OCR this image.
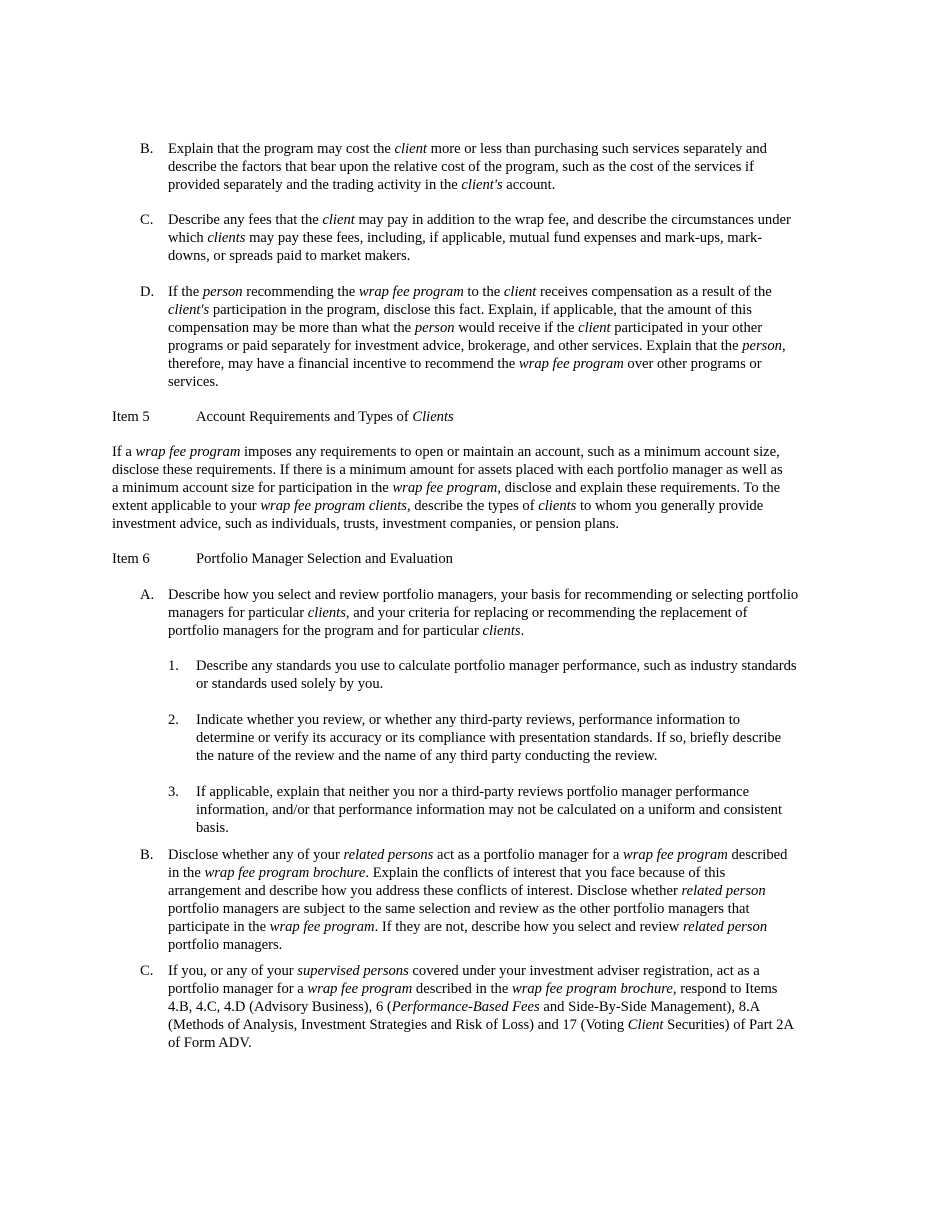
B. Explain that the program may cost the client more or less than purchasing such services separately and
describe the factors that bear upon the relative cost of the program, such as the cost of the services if
provided separately and the trading activity in the client's account.
C. Describe any fees that the client may pay in addition to the wrap fee, and describe the circumstances under
which clients may pay these fees, including, if applicable, mutual fund expenses and mark-ups, mark-
downs, or spreads paid to market makers.
D. If the person recommending the wrap fee program to the client receives compensation as a result of the
client's participation in the program, disclose this fact. Explain, if applicable, that the amount of this
compensation may be more than what the person would receive if the client participated in your other
programs or paid separately for investment advice, brokerage, and other services. Explain that the person,
therefore, may have a financial incentive to recommend the wrap fee program over other programs or
services.
Item 5	Account Requirements and Types of Clients
If a wrap fee program imposes any requirements to open or maintain an account, such as a minimum account size,
disclose these requirements. If there is a minimum amount for assets placed with each portfolio manager as well as
a minimum account size for participation in the wrap fee program, disclose and explain these requirements. To the
extent applicable to your wrap fee program clients, describe the types of clients to whom you generally provide
investment advice, such as individuals, trusts, investment companies, or pension plans.
Item 6	Portfolio Manager Selection and Evaluation
A. Describe how you select and review portfolio managers, your basis for recommending or selecting portfolio
managers for particular clients, and your criteria for replacing or recommending the replacement of
portfolio managers for the program and for particular clients.
1. Describe any standards you use to calculate portfolio manager performance, such as industry standards
or standards used solely by you.
2. Indicate whether you review, or whether any third-party reviews, performance information to
determine or verify its accuracy or its compliance with presentation standards. If so, briefly describe
the nature of the review and the name of any third party conducting the review.
3. If applicable, explain that neither you nor a third-party reviews portfolio manager performance
information, and/or that performance information may not be calculated on a uniform and consistent
basis.
B. Disclose whether any of your related persons act as a portfolio manager for a wrap fee program described
in the wrap fee program brochure. Explain the conflicts of interest that you face because of this
arrangement and describe how you address these conflicts of interest. Disclose whether related person
portfolio managers are subject to the same selection and review as the other portfolio managers that
participate in the wrap fee program. If they are not, describe how you select and review related person
portfolio managers.
C. If you, or any of your supervised persons covered under your investment adviser registration, act as a
portfolio manager for a wrap fee program described in the wrap fee program brochure, respond to Items
4.B, 4.C, 4.D (Advisory Business), 6 (Performance-Based Fees and Side-By-Side Management), 8.A
(Methods of Analysis, Investment Strategies and Risk of Loss) and 17 (Voting Client Securities) of Part 2A
of Form ADV.
